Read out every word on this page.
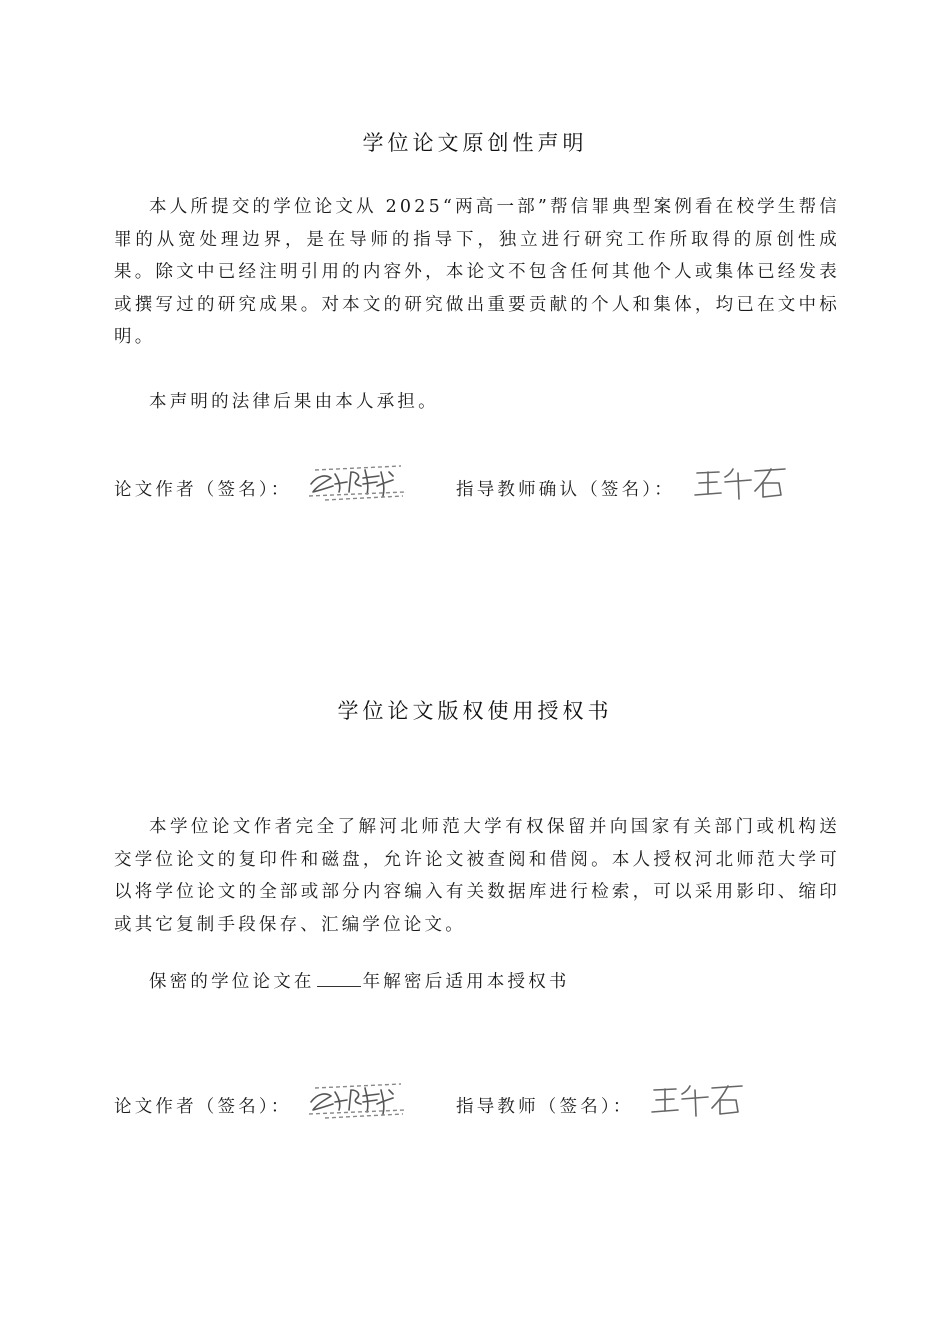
学位论文原创性声明

本人所提交的学位论文从 2025“两高一部”帮信罪典型案例看在校学生帮信罪的从宽处理边界，是在导师的指导下，独立进行研究工作所取得的原创性成果。除文中已经注明引用的内容外，本论文不包含任何其他个人或集体已经发表或撰写过的研究成果。对本文的研究做出重要贡献的个人和集体，均已在文中标明。

本声明的法律后果由本人承担。

论文作者（签名）：	指导教师确认（签名）：
学位论文版权使用授权书

本学位论文作者完全了解河北师范大学有权保留并向国家有关部门或机构送交学位论文的复印件和磁盘，允许论文被查阅和借阅。本人授权河北师范大学可以将学位论文的全部或部分内容编入有关数据库进行检索，可以采用影印、缩印或其它复制手段保存、汇编学位论文。

保密的学位论文在	年解密后适用本授权书

论文作者（签名）：	指导教师（签名）：
